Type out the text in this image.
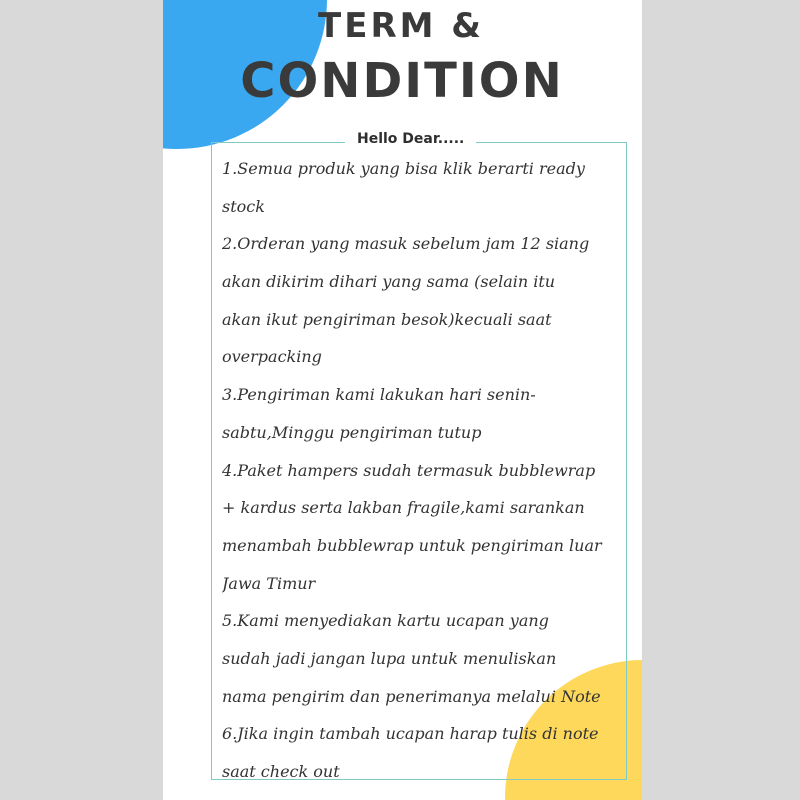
TERM &
CONDITION
Hello Dear.....
1.Semua produk yang bisa klik berarti ready
stock
2.Orderan yang masuk sebelum jam 12 siang
akan dikirim dihari yang sama (selain itu
akan ikut pengiriman besok)kecuali saat
overpacking
3.Pengiriman kami lakukan hari senin-
sabtu,Minggu pengiriman tutup
4.Paket hampers sudah termasuk bubblewrap
+ kardus serta lakban fragile,kami sarankan
menambah bubblewrap untuk pengiriman luar
Jawa Timur
5.Kami menyediakan kartu ucapan yang
sudah jadi jangan lupa untuk menuliskan
nama pengirim dan penerimanya melalui Note
6.Jika ingin tambah ucapan harap tulis di note
saat check out
